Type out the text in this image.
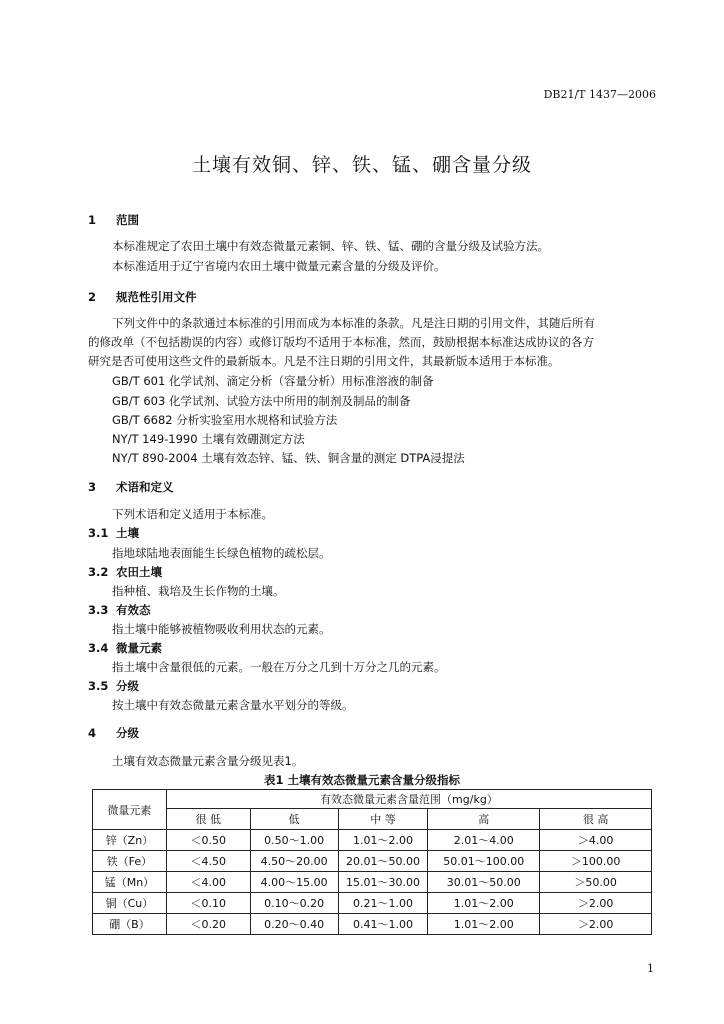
DB21/T 1437—2006
土壤有效铜、锌、铁、锰、硼含量分级
1 范围
本标准规定了农田土壤中有效态微量元素铜、锌、铁、锰、硼的含量分级及试验方法。
本标准适用于辽宁省境内农田土壤中微量元素含量的分级及评价。
2 规范性引用文件
下列文件中的条款通过本标准的引用而成为本标准的条款。凡是注日期的引用文件，其随后所有
的修改单（不包括勘误的内容）或修订版均不适用于本标准，然而，鼓励根据本标准达成协议的各方
研究是否可使用这些文件的最新版本。凡是不注日期的引用文件，其最新版本适用于本标准。
GB/T 601 化学试剂、滴定分析（容量分析）用标准溶液的制备
GB/T 603 化学试剂、试验方法中所用的制剂及制品的制备
GB/T 6682 分析实验室用水规格和试验方法
NY/T 149-1990 土壤有效硼测定方法
NY/T 890-2004 土壤有效态锌、锰、铁、铜含量的测定 DTPA浸提法
3 术语和定义
下列术语和定义适用于本标准。
3.1 土壤
指地球陆地表面能生长绿色植物的疏松层。
3.2 农田土壤
指种植、栽培及生长作物的土壤。
3.3 有效态
指土壤中能够被植物吸收利用状态的元素。
3.4 微量元素
指土壤中含量很低的元素。一般在万分之几到十万分之几的元素。
3.5 分级
按土壤中有效态微量元素含量水平划分的等级。
4 分级
土壤有效态微量元素含量分级见表1。
表1 土壤有效态微量元素含量分级指标
微量元素	有效态微量元素含量范围（mg/kg）				
	很 低	低	中 等	高	很 高
锌（Zn）	＜0.50	0.50～1.00	1.01～2.00	2.01～4.00	＞4.00
铁（Fe）	＜4.50	4.50～20.00	20.01～50.00	50.01～100.00	＞100.00
锰（Mn）	＜4.00	4.00～15.00	15.01～30.00	30.01～50.00	＞50.00
铜（Cu）	＜0.10	0.10～0.20	0.21～1.00	1.01～2.00	＞2.00
硼（B）	＜0.20	0.20～0.40	0.41～1.00	1.01～2.00	＞2.00
1
